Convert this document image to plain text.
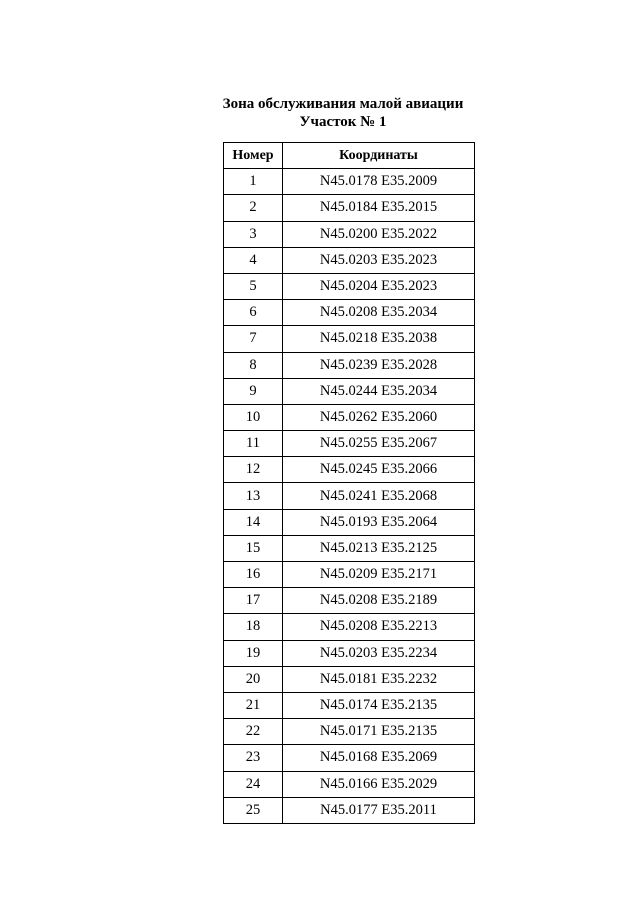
Зона обслуживания малой авиации
Участок № 1
Номер	Координаты
1	N45.0178 E35.2009
2	N45.0184 E35.2015
3	N45.0200 E35.2022
4	N45.0203 E35.2023
5	N45.0204 E35.2023
6	N45.0208 E35.2034
7	N45.0218 E35.2038
8	N45.0239 E35.2028
9	N45.0244 E35.2034
10	N45.0262 E35.2060
11	N45.0255 E35.2067
12	N45.0245 E35.2066
13	N45.0241 E35.2068
14	N45.0193 E35.2064
15	N45.0213 E35.2125
16	N45.0209 E35.2171
17	N45.0208 E35.2189
18	N45.0208 E35.2213
19	N45.0203 E35.2234
20	N45.0181 E35.2232
21	N45.0174 E35.2135
22	N45.0171 E35.2135
23	N45.0168 E35.2069
24	N45.0166 E35.2029
25	N45.0177 E35.2011
